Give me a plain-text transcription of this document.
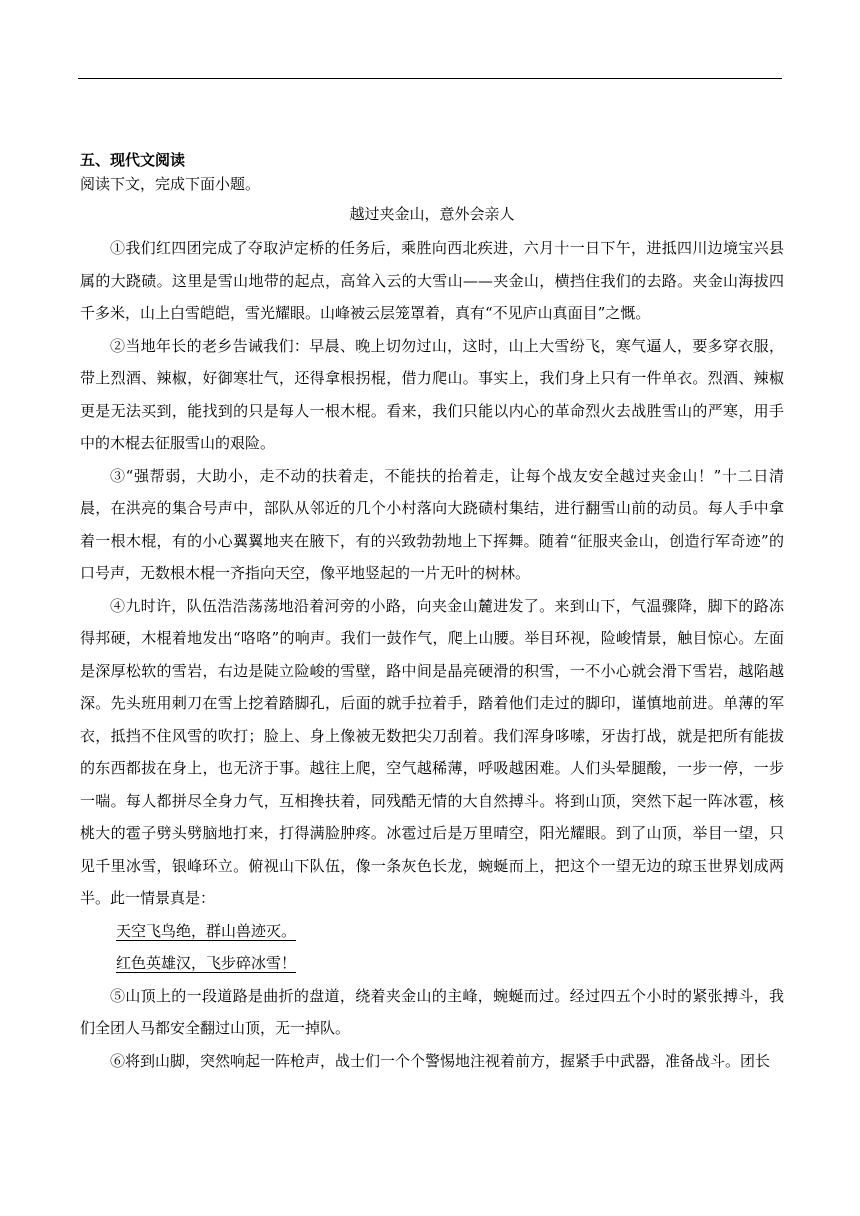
五、现代文阅读

阅读下文，完成下面小题。

越过夹金山，意外会亲人

①我们红四团完成了夺取泸定桥的任务后，乘胜向西北疾进，六月十一日下午，进抵四川边境宝兴县属的大跷碛。这里是雪山地带的起点，高耸入云的大雪山——夹金山，横挡住我们的去路。夹金山海拔四千多米，山上白雪皑皑，雪光耀眼。山峰被云层笼罩着，真有“不见庐山真面目”之慨。

②当地年长的老乡告诫我们：早晨、晚上切勿过山，这时，山上大雪纷飞，寒气逼人，要多穿衣服，带上烈酒、辣椒，好御寒壮气，还得拿根拐棍，借力爬山。事实上，我们身上只有一件单衣。烈酒、辣椒更是无法买到，能找到的只是每人一根木棍。看来，我们只能以内心的革命烈火去战胜雪山的严寒，用手中的木棍去征服雪山的艰险。

③“强帮弱，大助小，走不动的扶着走，不能扶的抬着走，让每个战友安全越过夹金山！”十二日清晨，在洪亮的集合号声中，部队从邻近的几个小村落向大跷碛村集结，进行翻雪山前的动员。每人手中拿着一根木棍，有的小心翼翼地夹在腋下，有的兴致勃勃地上下挥舞。随着“征服夹金山，创造行军奇迹”的口号声，无数根木棍一齐指向天空，像平地竖起的一片无叶的树林。

④九时许，队伍浩浩荡荡地沿着河旁的小路，向夹金山麓进发了。来到山下，气温骤降，脚下的路冻得邦硬，木棍着地发出“咯咯”的响声。我们一鼓作气，爬上山腰。举目环视，险峻情景，触目惊心。左面是深厚松软的雪岩，右边是陡立险峻的雪壁，路中间是晶亮硬滑的积雪，一不小心就会滑下雪岩，越陷越深。先头班用刺刀在雪上挖着踏脚孔，后面的就手拉着手，踏着他们走过的脚印，谨慎地前进。单薄的军衣，抵挡不住风雪的吹打；脸上、身上像被无数把尖刀刮着。我们浑身哆嗦，牙齿打战，就是把所有能拔的东西都拔在身上，也无济于事。越往上爬，空气越稀薄，呼吸越困难。人们头晕腿酸，一步一停，一步一喘。每人都拼尽全身力气，互相搀扶着，同残酷无情的大自然搏斗。将到山顶，突然下起一阵冰雹，核桃大的雹子劈头劈脑地打来，打得满脸肿疼。冰雹过后是万里晴空，阳光耀眼。到了山顶，举目一望，只见千里冰雪，银峰环立。俯视山下队伍，像一条灰色长龙，蜿蜒而上，把这个一望无边的琼玉世界划成两半。此一情景真是：

天空飞鸟绝，群山兽迹灭。

红色英雄汉，飞步碎冰雪！

⑤山顶上的一段道路是曲折的盘道，绕着夹金山的主峰，蜿蜒而过。经过四五个小时的紧张搏斗，我们全团人马都安全翻过山顶，无一掉队。

⑥将到山脚，突然响起一阵枪声，战士们一个个警惕地注视着前方，握紧手中武器，准备战斗。团长
